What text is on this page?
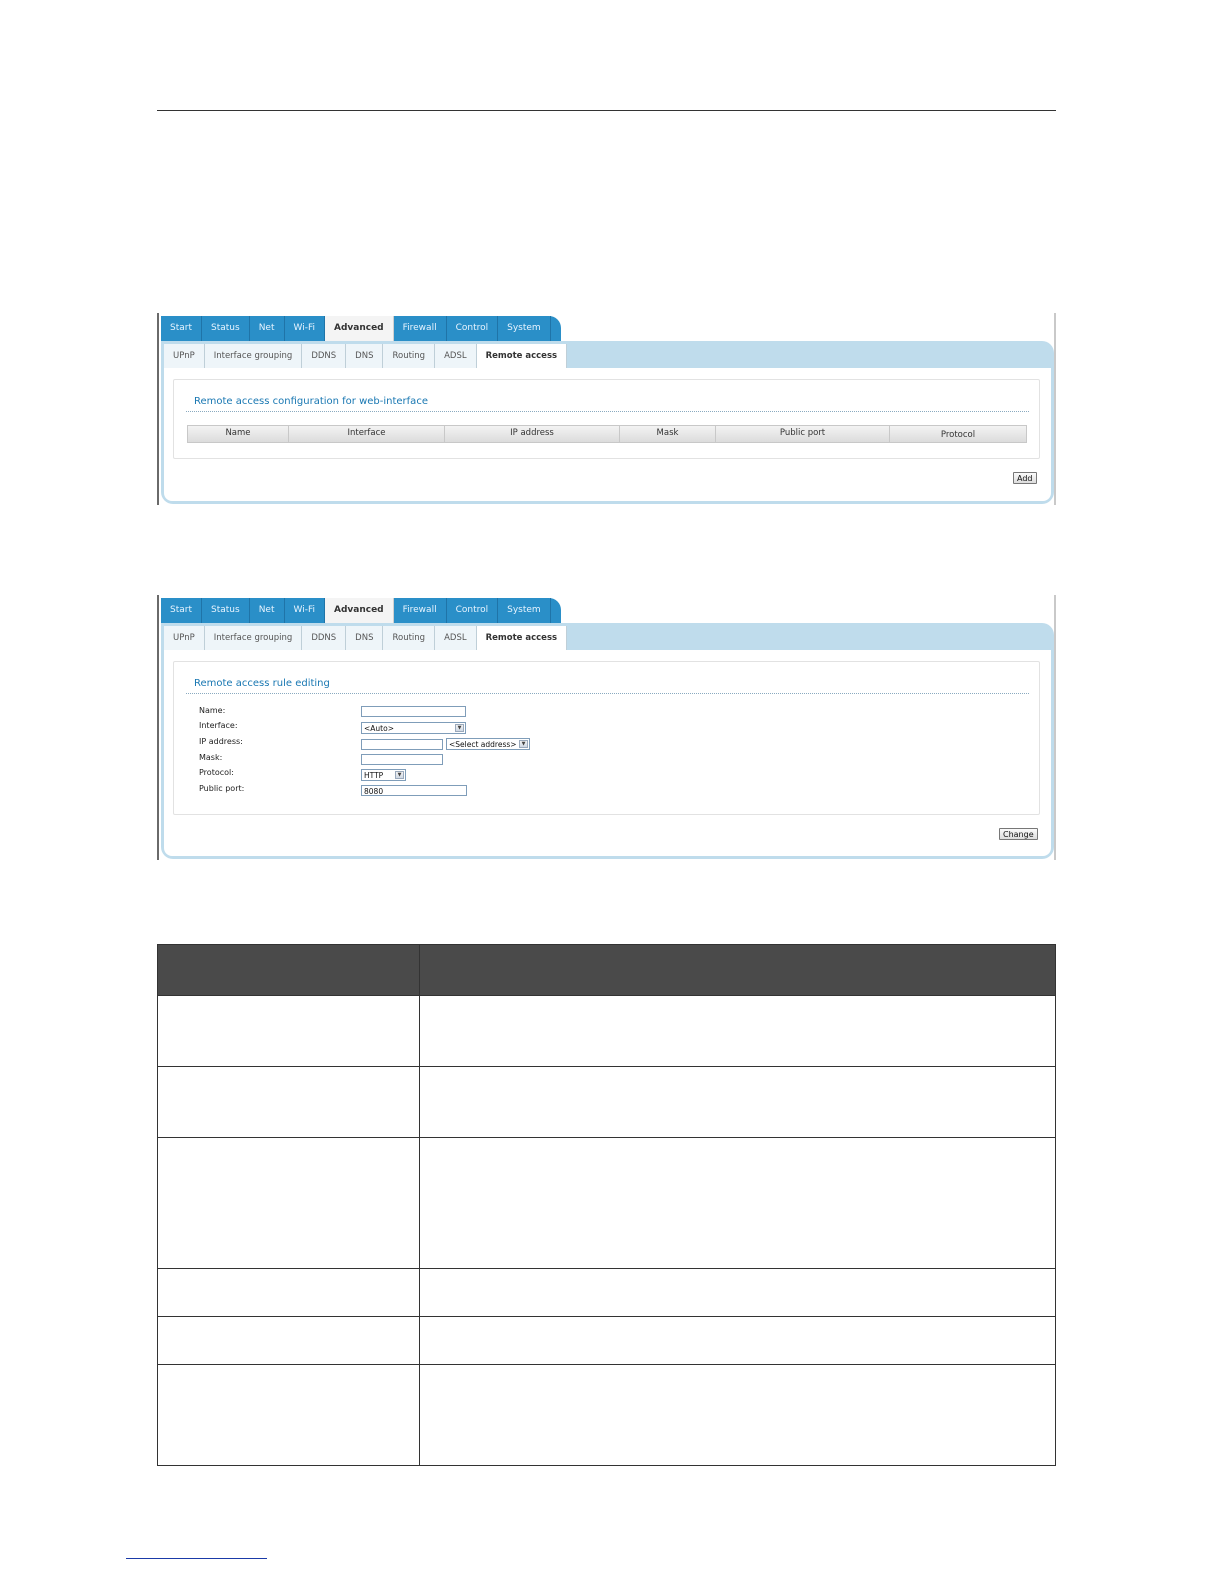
Start	Status	Net	Wi-Fi	Advanced	Firewall	Control	System
UPnP	Interface grouping	DDNS	DNS	Routing	ADSL	Remote access
Remote access configuration for web-interface
Name	Interface	IP address	Mask	Public port	Protocol
Add
Start	Status	Net	Wi-Fi	Advanced	Firewall	Control	System
UPnP	Interface grouping	DDNS	DNS	Routing	ADSL	Remote access
Remote access rule editing
Name:
Interface:	<Auto>	▼
IP address:	<Select address>	▼
Mask:
Protocol:	HTTP	▼
Public port:	8080
Change
